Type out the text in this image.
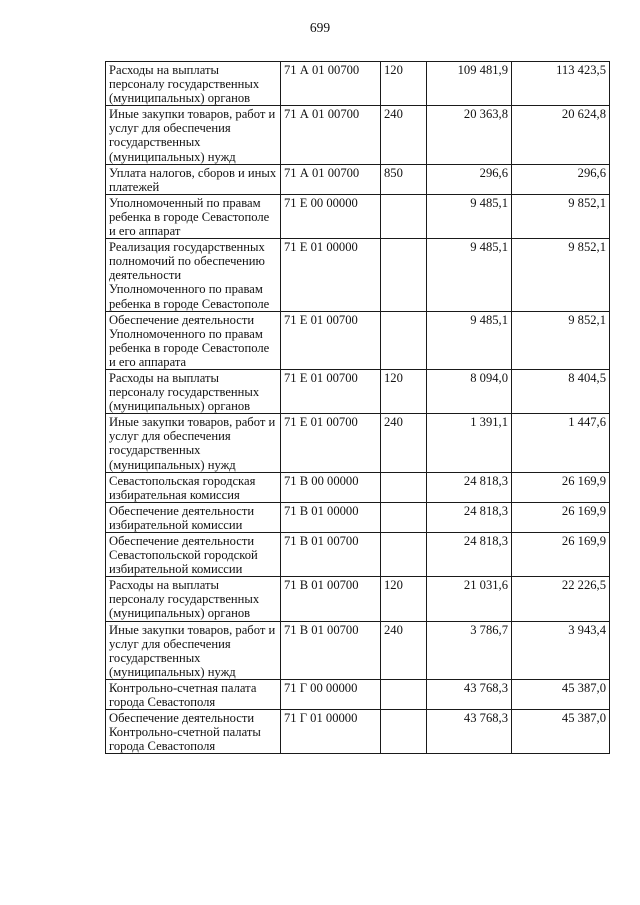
699
Расходы на выплаты персоналу государственных (муниципальных) органов	71 А 01 00700	120	109 481,9	113 423,5
Иные закупки товаров, работ и услуг для обеспечения государственных (муниципальных) нужд	71 А 01 00700	240	20 363,8	20 624,8
Уплата налогов, сборов и иных платежей	71 А 01 00700	850	296,6	296,6
Уполномоченный по правам ребенка в городе Севастополе и его аппарат	71 Е 00 00000		9 485,1	9 852,1
Реализация государственных полномочий по обеспечению деятельности Уполномоченного по правам ребенка в городе Севастополе	71 Е 01 00000		9 485,1	9 852,1
Обеспечение деятельности Уполномоченного по правам ребенка в городе Севастополе и его аппарата	71 Е 01 00700		9 485,1	9 852,1
Расходы на выплаты персоналу государственных (муниципальных) органов	71 Е 01 00700	120	8 094,0	8 404,5
Иные закупки товаров, работ и услуг для обеспечения государственных (муниципальных) нужд	71 Е 01 00700	240	1 391,1	1 447,6
Севастопольская городская избирательная комиссия	71 В 00 00000		24 818,3	26 169,9
Обеспечение деятельности избирательной комиссии	71 В 01 00000		24 818,3	26 169,9
Обеспечение деятельности Севастопольской городской избирательной комиссии	71 В 01 00700		24 818,3	26 169,9
Расходы на выплаты персоналу государственных (муниципальных) органов	71 В 01 00700	120	21 031,6	22 226,5
Иные закупки товаров, работ и услуг для обеспечения государственных (муниципальных) нужд	71 В 01 00700	240	3 786,7	3 943,4
Контрольно-счетная палата города Севастополя	71 Г 00 00000		43 768,3	45 387,0
Обеспечение деятельности Контрольно-счетной палаты города Севастополя	71 Г 01 00000		43 768,3	45 387,0
